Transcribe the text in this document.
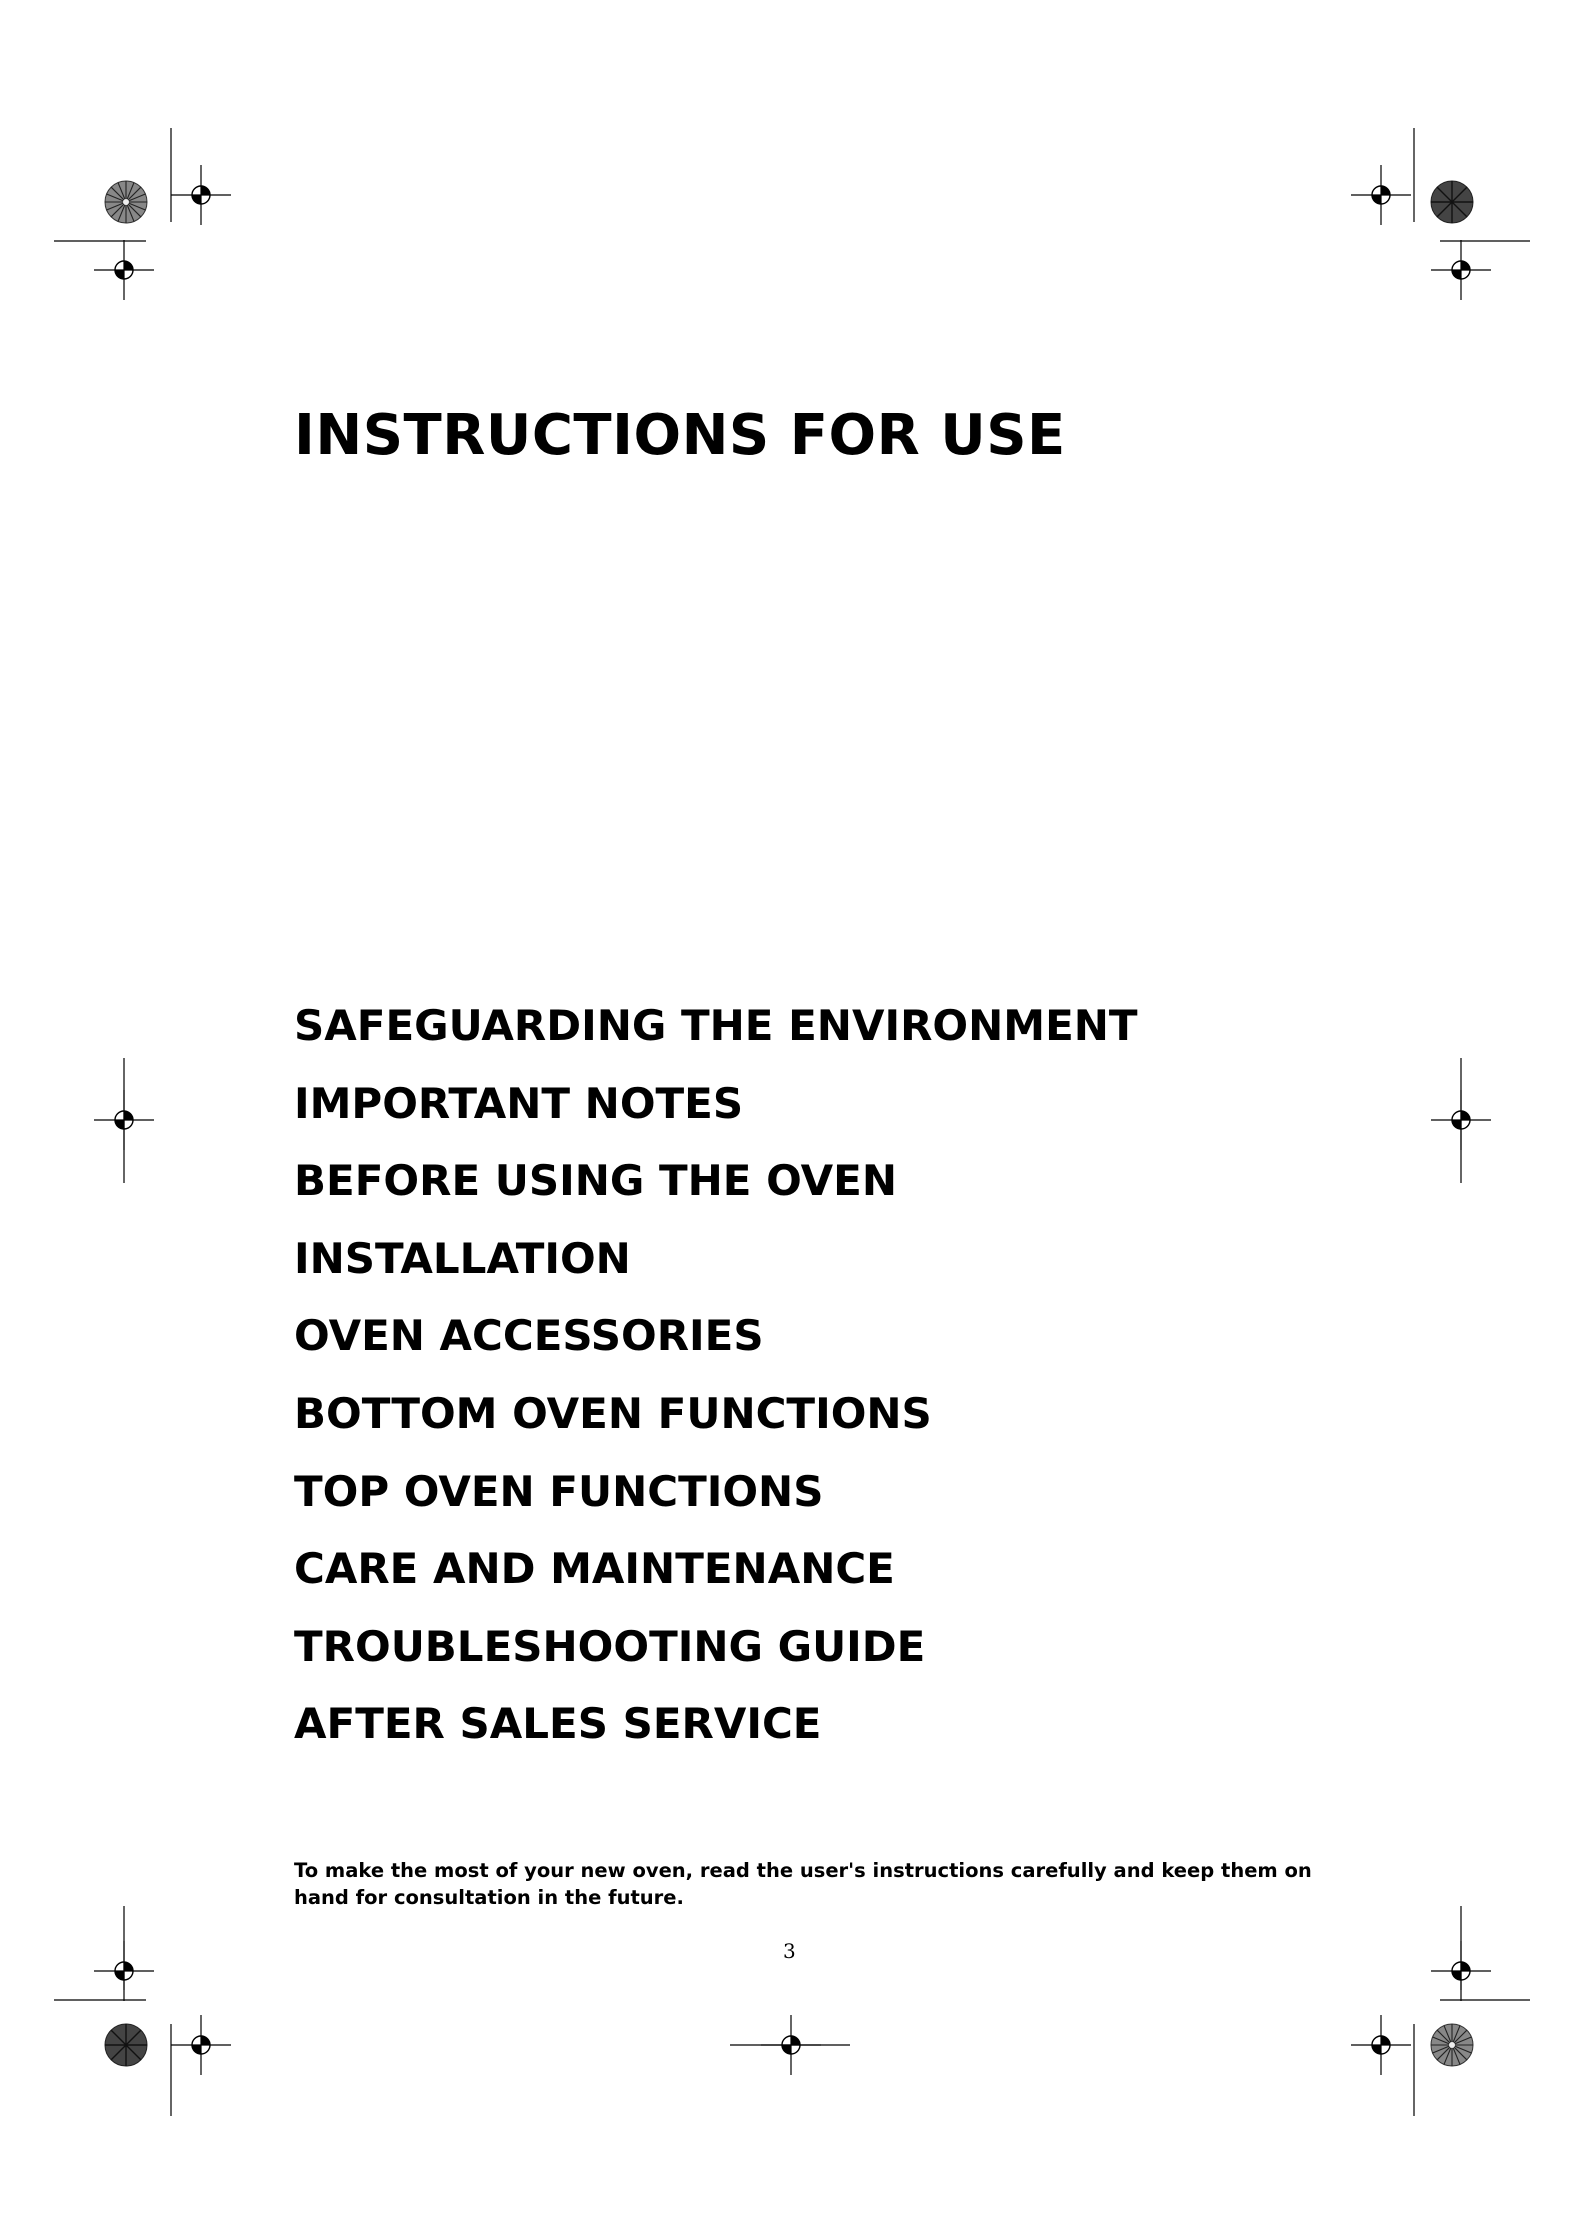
INSTRUCTIONS FOR USE
SAFEGUARDING THE ENVIRONMENT
IMPORTANT NOTES
BEFORE USING THE OVEN
INSTALLATION
OVEN ACCESSORIES
BOTTOM OVEN FUNCTIONS
TOP OVEN FUNCTIONS
CARE AND MAINTENANCE
TROUBLESHOOTING GUIDE
AFTER SALES SERVICE

To make the most of your new oven, read the user's instructions carefully and keep them on hand for consultation in the future.

3
